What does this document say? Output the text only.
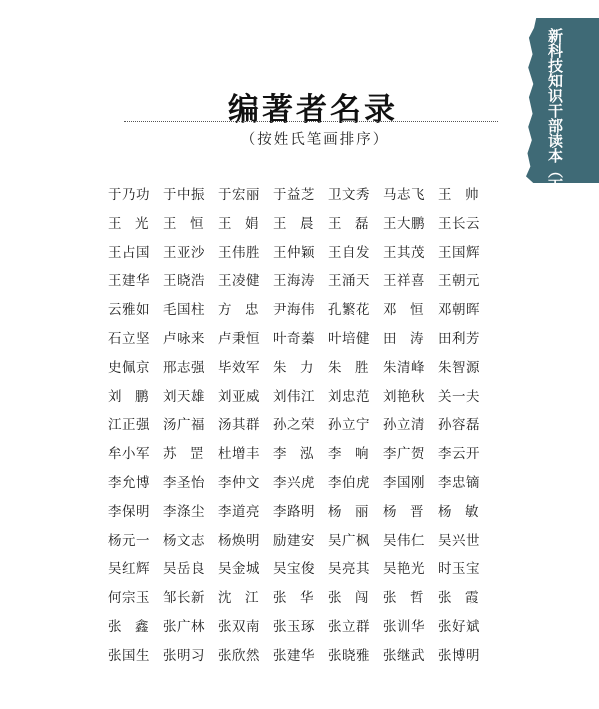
新科技知识干部读本（下）
编著者名录
（按姓氏笔画排序）
于乃功 于中振 于宏丽 于益芝 卫文秀 马志飞 王帅
王光 王恒 王娟 王晨 王磊 王大鹏 王长云
王占国 王亚沙 王伟胜 王仲颖 王自发 王其茂 王国辉
王建华 王晓浩 王凌健 王海涛 王涌天 王祥喜 王朝元
云雅如 毛国柱 方忠 尹海伟 孔繁花 邓恒 邓朝晖
石立坚 卢咏来 卢秉恒 叶奇蓁 叶培健 田涛 田利芳
史佩京 邢志强 毕效军 朱力 朱胜 朱清峰 朱智源
刘鹏 刘天雄 刘亚威 刘伟江 刘忠范 刘艳秋 关一夫
江正强 汤广福 汤其群 孙之荣 孙立宁 孙立清 孙容磊
牟小军 苏罡 杜增丰 李泓 李响 李广贺 李云开
李允博 李圣怡 李仲文 李兴虎 李伯虎 李国刚 李忠镝
李保明 李涤尘 李道亮 李路明 杨丽 杨晋 杨敏
杨元一 杨文志 杨焕明 励建安 吴广枫 吴伟仁 吴兴世
吴红辉 吴岳良 吴金城 吴宝俊 吴亮其 吴艳光 时玉宝
何宗玉 邹长新 沈江 张华 张闯 张哲 张霞
张鑫 张广林 张双南 张玉琢 张立群 张训华 张好斌
张国生 张明习 张欣然 张建华 张晓雅 张继武 张博明
